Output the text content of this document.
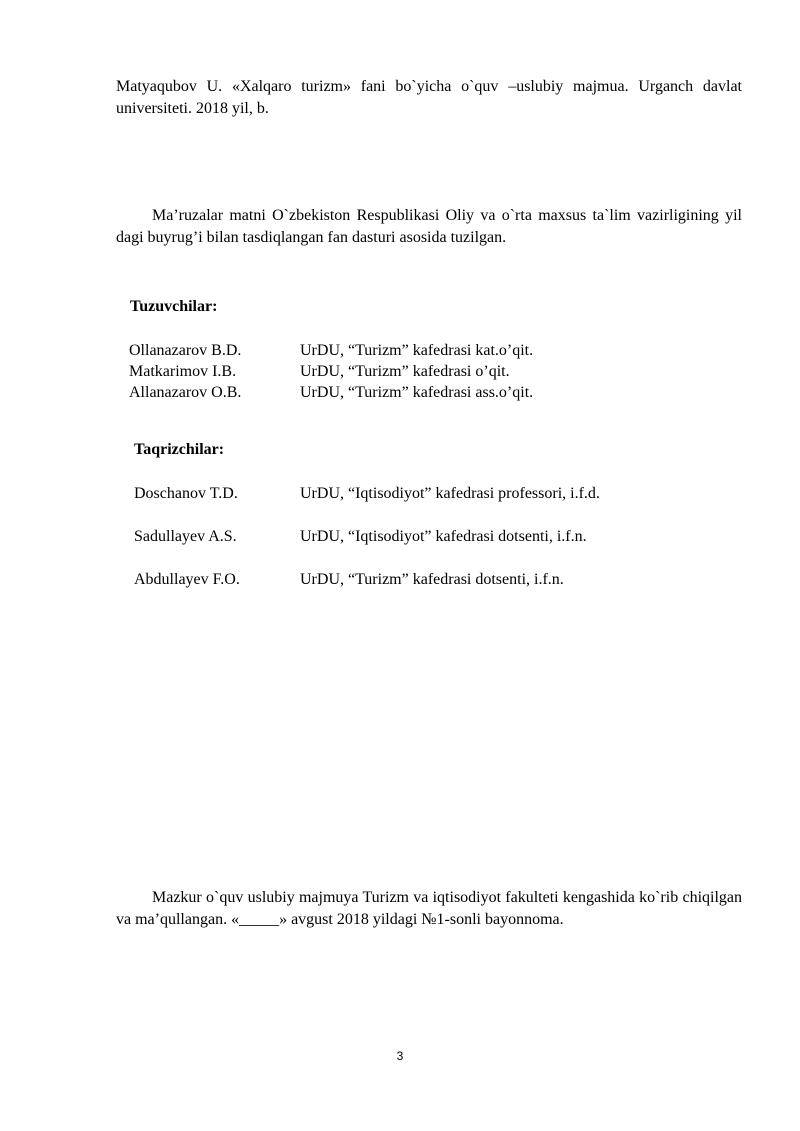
Matyaqubov U. «Xalqaro turizm» fani bo`yicha o`quv –uslubiy majmua. Urganch davlat universiteti. 2018 yil, b.

Ma’ruzalar matni O`zbekiston Respublikasi Oliy va o`rta maxsus ta`lim vazirligining yil dagi buyrug’i bilan tasdiqlangan fan dasturi asosida tuzilgan.

Tuzuvchilar:

Ollanazarov B.D.	UrDU, “Turizm” kafedrasi kat.o’qit.
Matkarimov I.B.	UrDU, “Turizm” kafedrasi o’qit.
Allanazarov O.B.	UrDU, “Turizm” kafedrasi ass.o’qit.

Taqrizchilar:

Doschanov T.D.	UrDU, “Iqtisodiyot” kafedrasi professori, i.f.d.
Sadullayev A.S.	UrDU, “Iqtisodiyot” kafedrasi dotsenti, i.f.n.
Abdullayev F.O.	UrDU, “Turizm” kafedrasi dotsenti, i.f.n.

Mazkur o`quv uslubiy majmuya Turizm va iqtisodiyot fakulteti kengashida ko`rib chiqilgan va ma’qullangan. «_____» avgust 2018 yildagi №1-sonli bayonnoma.

3
